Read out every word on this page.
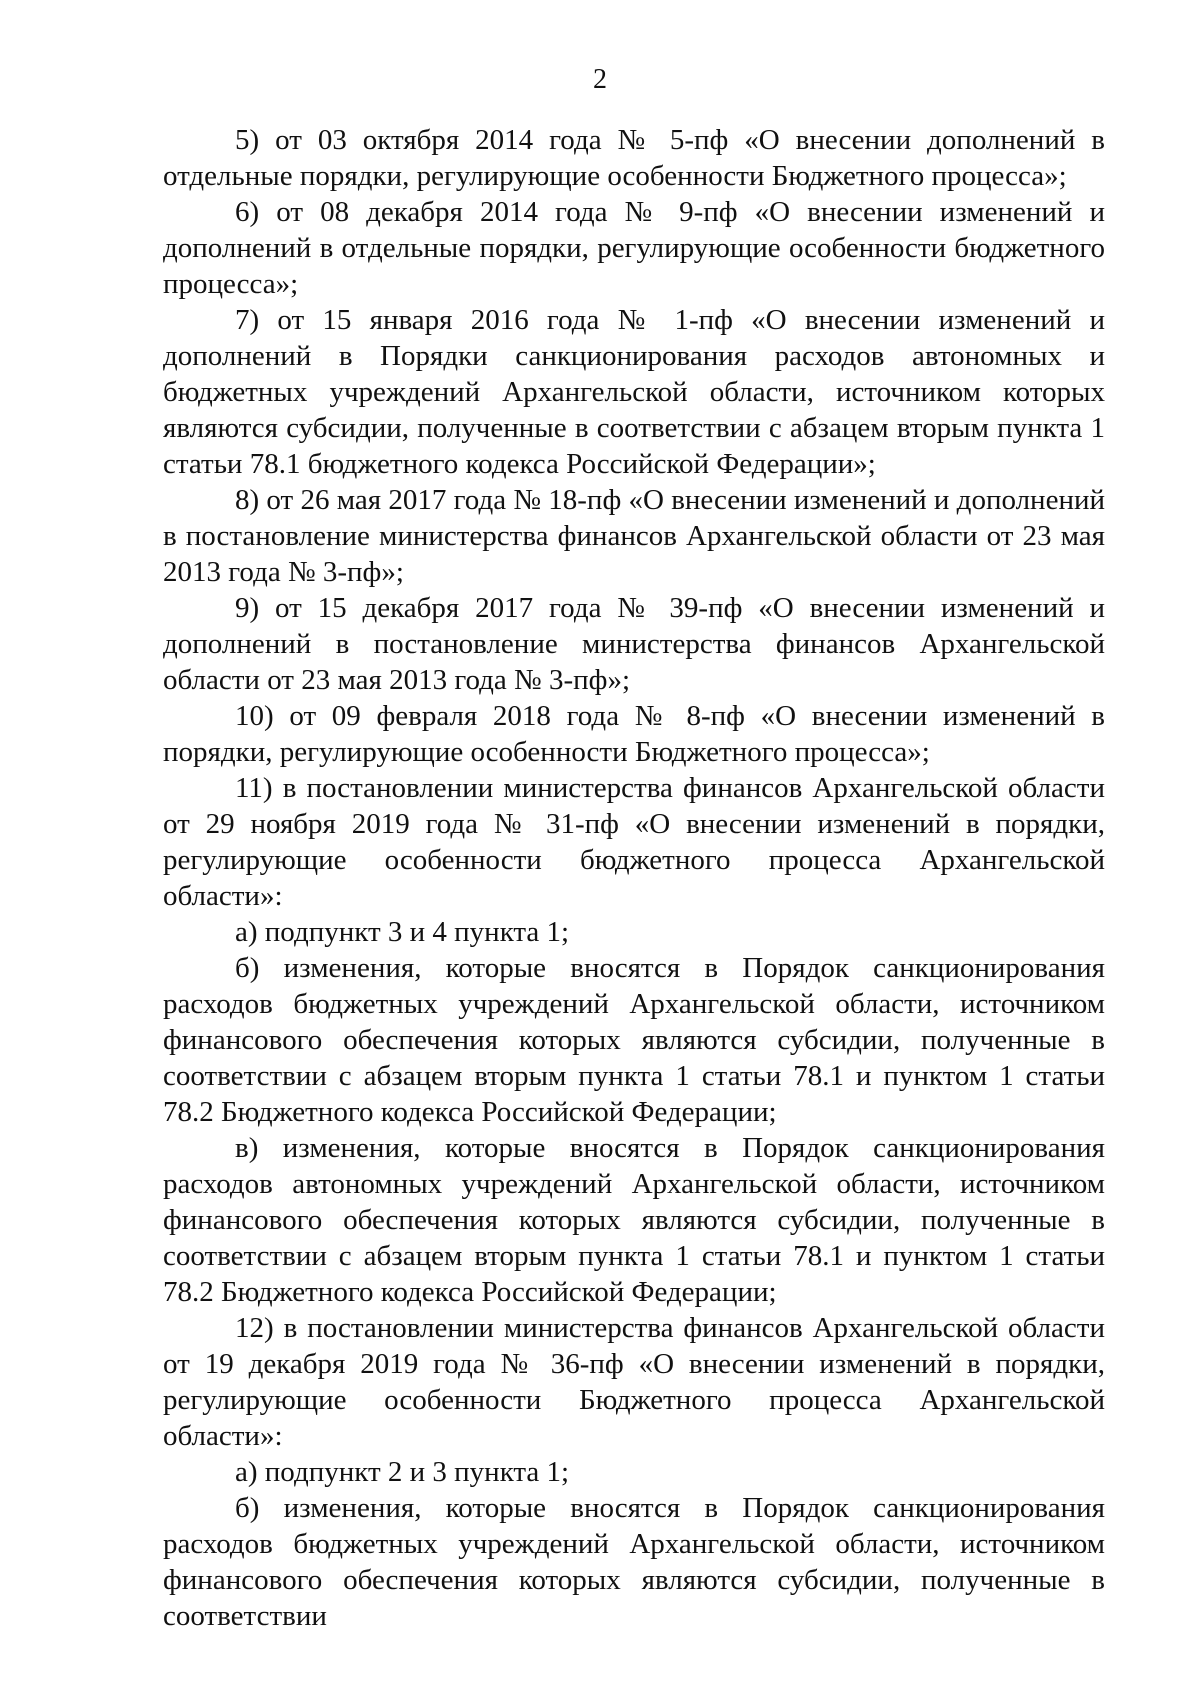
2

5) от 03 октября 2014 года № 5-пф «О внесении дополнений в отдельные порядки, регулирующие особенности Бюджетного процесса»;

6) от 08 декабря 2014 года № 9-пф «О внесении изменений и дополнений в отдельные порядки, регулирующие особенности бюджетного процесса»;

7) от 15 января 2016 года № 1-пф «О внесении изменений и дополнений в Порядки санкционирования расходов автономных и бюджетных учреждений Архангельской области, источником которых являются субсидии, полученные в соответствии с абзацем вторым пункта 1 статьи 78.1 бюджетного кодекса Российской Федерации»;

8) от 26 мая 2017 года № 18-пф «О внесении изменений и дополнений в постановление министерства финансов Архангельской области от 23 мая 2013 года № 3-пф»;

9) от 15 декабря 2017 года № 39-пф «О внесении изменений и дополнений в постановление министерства финансов Архангельской области от 23 мая 2013 года № 3-пф»;

10) от 09 февраля 2018 года № 8-пф «О внесении изменений в порядки, регулирующие особенности Бюджетного процесса»;

11) в постановлении министерства финансов Архангельской области от 29 ноября 2019 года № 31-пф «О внесении изменений в порядки, регулирующие особенности бюджетного процесса Архангельской области»:

а) подпункт 3 и 4 пункта 1;

б) изменения, которые вносятся в Порядок санкционирования расходов бюджетных учреждений Архангельской области, источником финансового обеспечения которых являются субсидии, полученные в соответствии с абзацем вторым пункта 1 статьи 78.1 и пунктом 1 статьи 78.2 Бюджетного кодекса Российской Федерации;

в) изменения, которые вносятся в Порядок санкционирования расходов автономных учреждений Архангельской области, источником финансового обеспечения которых являются субсидии, полученные в соответствии с абзацем вторым пункта 1 статьи 78.1 и пунктом 1 статьи 78.2 Бюджетного кодекса Российской Федерации;

12) в постановлении министерства финансов Архангельской области от 19 декабря 2019 года № 36-пф «О внесении изменений в порядки, регулирующие особенности Бюджетного процесса Архангельской области»:

а) подпункт 2 и 3 пункта 1;

б) изменения, которые вносятся в Порядок санкционирования расходов бюджетных учреждений Архангельской области, источником финансового обеспечения которых являются субсидии, полученные в соответствии
